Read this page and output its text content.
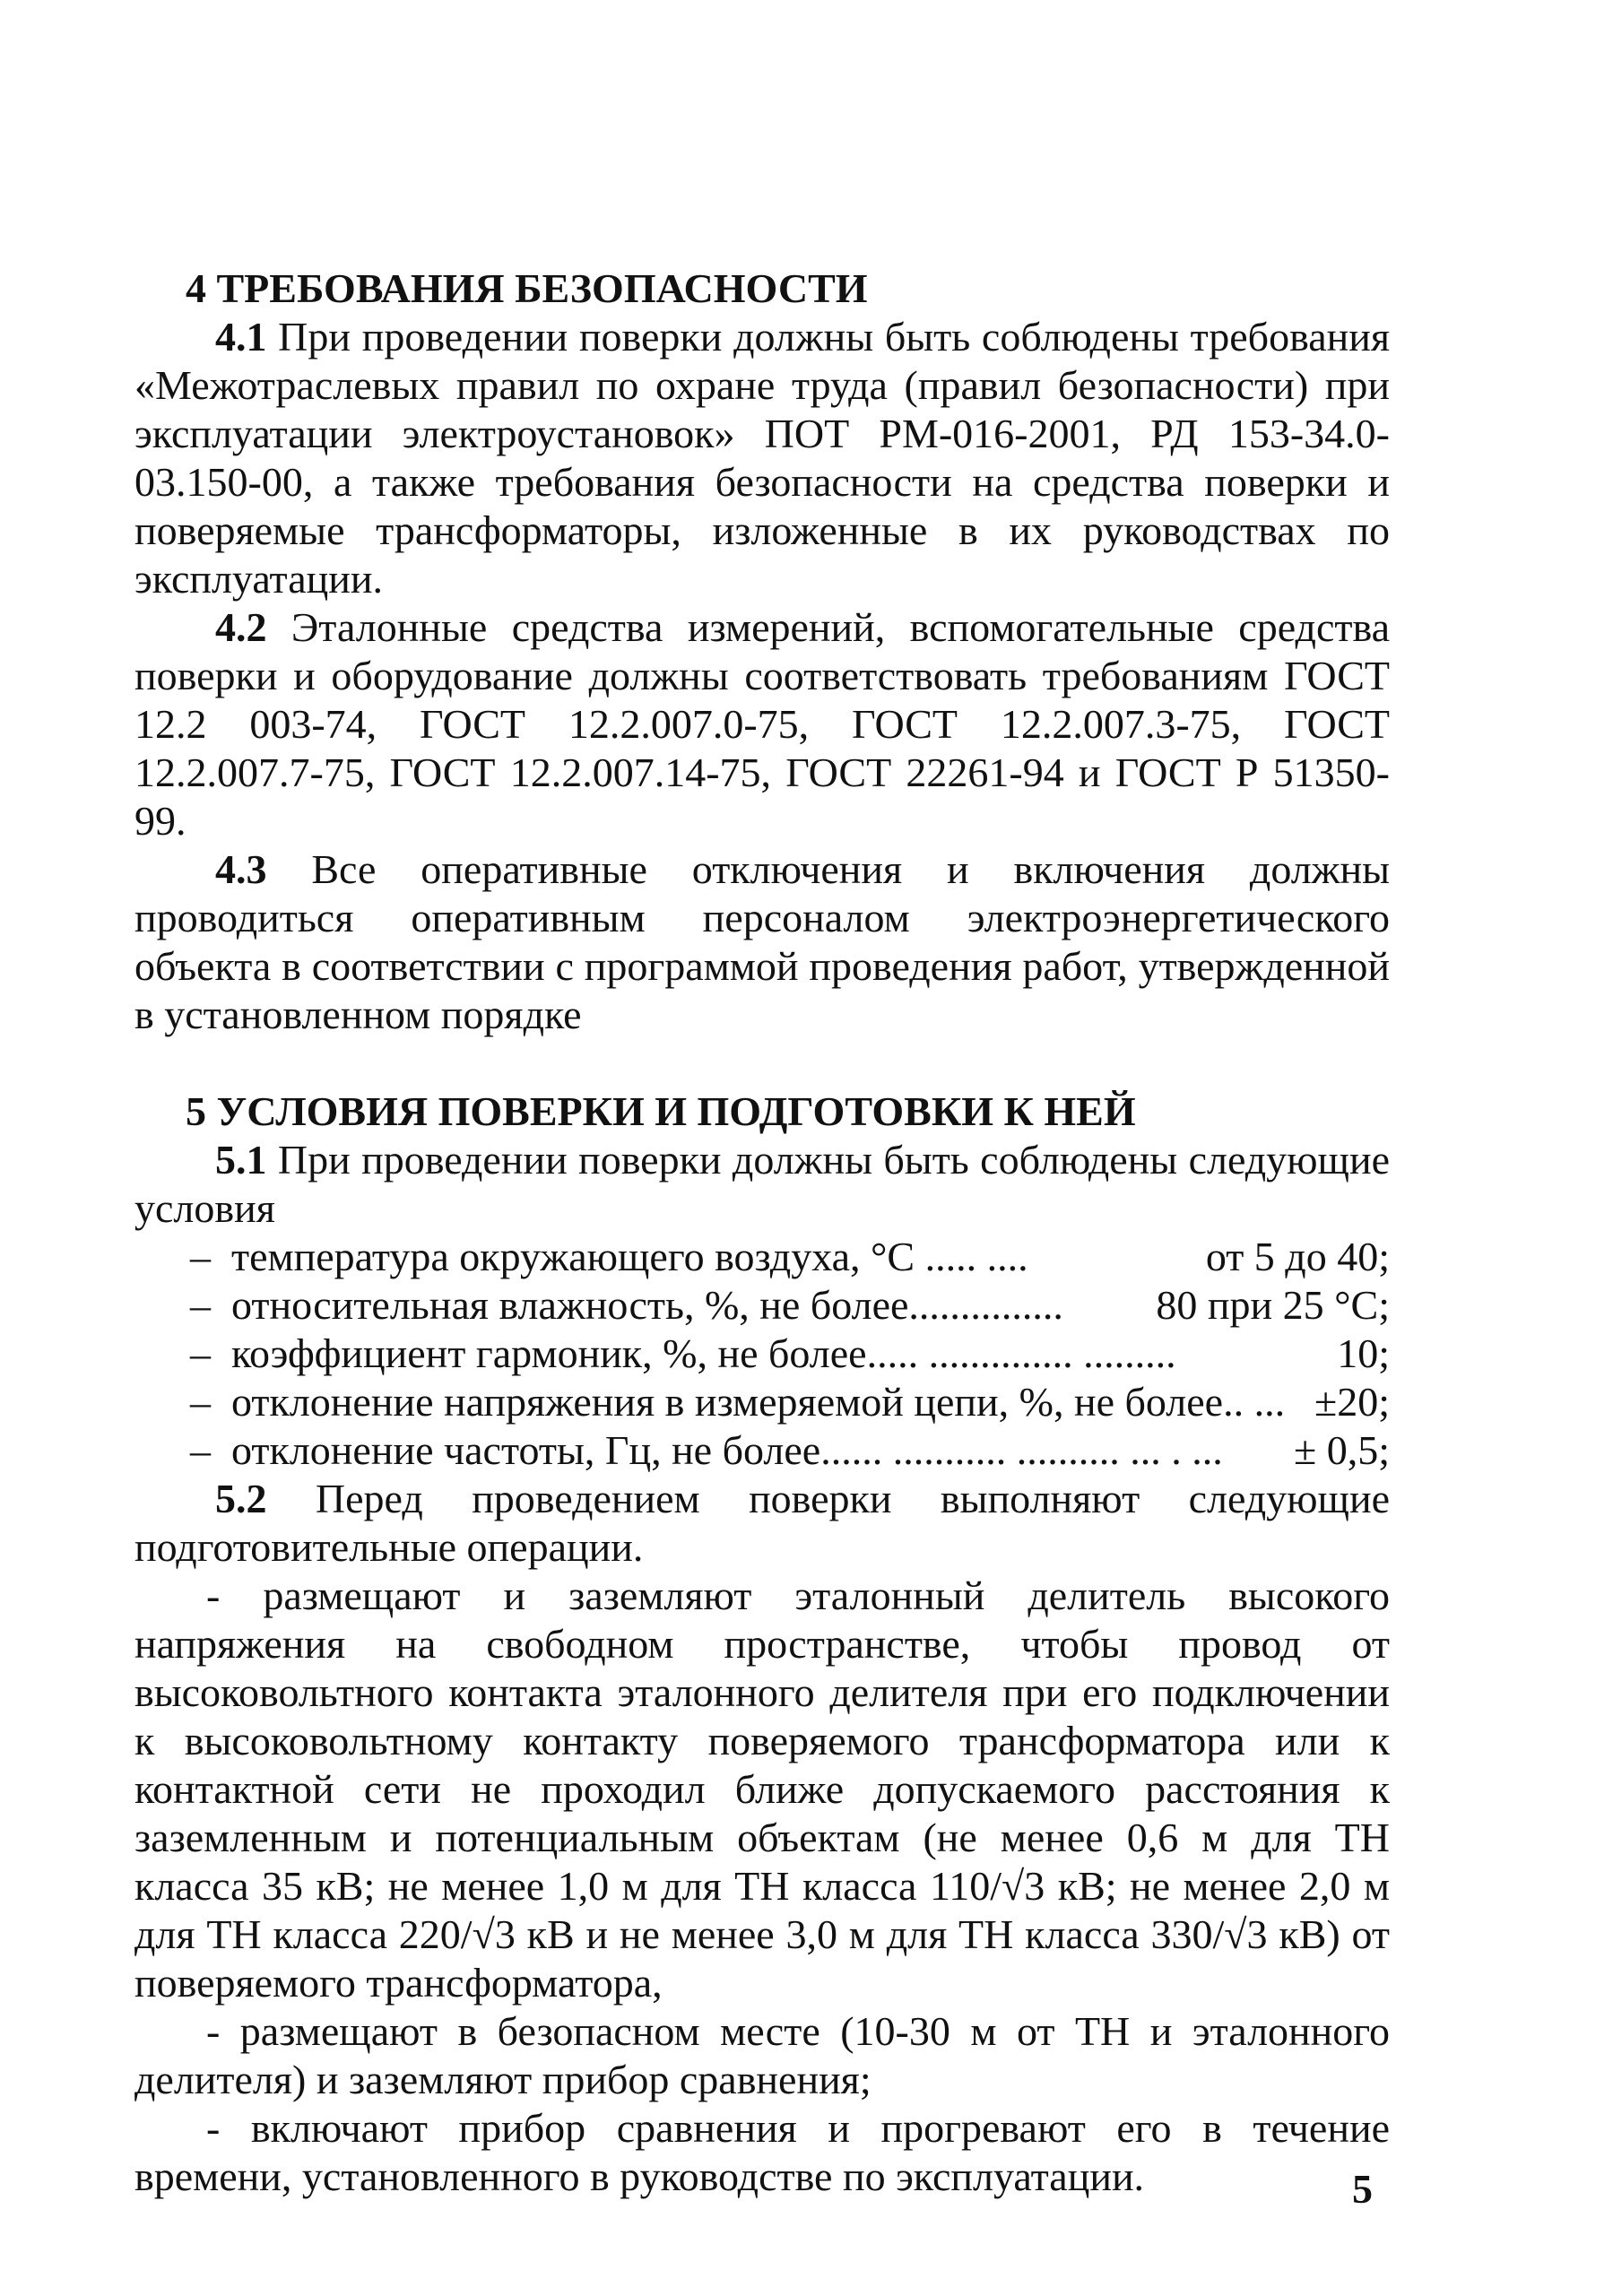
4 ТРЕБОВАНИЯ БЕЗОПАСНОСТИ

4.1 При проведении поверки должны быть соблюдены требования «Межотраслевых правил по охране труда (правил безопасности) при эксплуатации электроустановок» ПОТ РМ-016-2001, РД 153-34.0-03.150-00, а также требования безопасности на средства поверки и поверяемые трансформаторы, изложенные в их руководствах по эксплуатации.

4.2 Эталонные средства измерений, вспомогательные средства поверки и оборудование должны соответствовать требованиям ГОСТ 12.2 003-74, ГОСТ 12.2.007.0-75, ГОСТ 12.2.007.3-75, ГОСТ 12.2.007.7-75, ГОСТ 12.2.007.14-75, ГОСТ 22261-94 и ГОСТ Р 51350-99.

4.3 Все оперативные отключения и включения должны проводиться оперативным персоналом электроэнергетического объекта в соответствии с программой проведения работ, утвержденной в установленном порядке

5 УСЛОВИЯ ПОВЕРКИ И ПОДГОТОВКИ К НЕЙ

5.1 При проведении поверки должны быть соблюдены следующие условия

– температура окружающего воздуха, °С ..... ....	от 5 до 40;
– относительная влажность, %, не более............... 80 при 25 °С;
– коэффициент гармоник, %, не более..... .............. .........	10;
– отклонение напряжения в измеряемой цепи, %, не более.. ... ±20;
– отклонение частоты, Гц, не более...... ........... .......... ... . ... ± 0,5;

5.2 Перед проведением поверки выполняют следующие подготовительные операции.

- размещают и заземляют эталонный делитель высокого напряжения на свободном пространстве, чтобы провод от высоковольтного контакта эталонного делителя при его подключении к высоковольтному контакту поверяемого трансформатора или к контактной сети не проходил ближе допускаемого расстояния к заземленным и потенциальным объектам (не менее 0,6 м для ТН класса 35 кВ; не менее 1,0 м для ТН класса 110/√3 кВ; не менее 2,0 м для ТН класса 220/√3 кВ и не менее 3,0 м для ТН класса 330/√3 кВ) от поверяемого трансформатора,

- размещают в безопасном месте (10-30 м от ТН и эталонного делителя) и заземляют прибор сравнения;

- включают прибор сравнения и прогревают его в течение времени, установленного в руководстве по эксплуатации.	5
